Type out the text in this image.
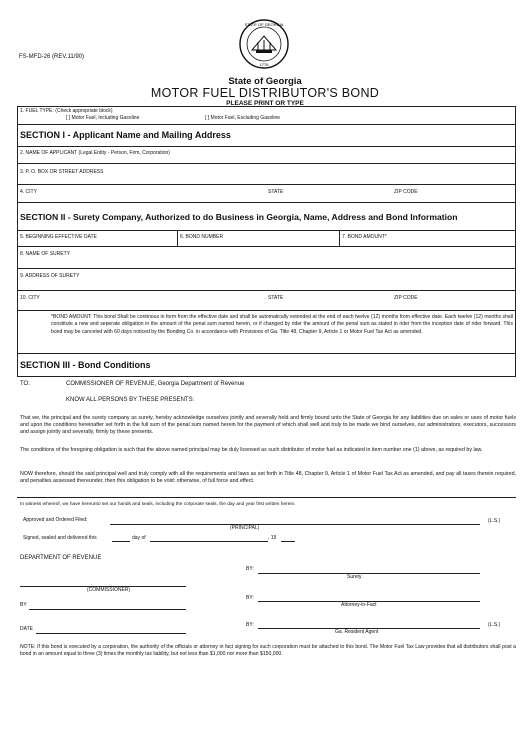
FS-MFD-26 (REV.11/90)
STATE OF GEORGIA
1776
State of Georgia
MOTOR FUEL DISTRIBUTOR'S BOND
PLEASE PRINT OR TYPE
1. FUEL TYPE: (Check appropriate block)
[ ] Motor Fuel, Including Gasoline	[ ] Motor Fuel, Excluding Gasoline
SECTION I - Applicant Name and Mailing Address
2. NAME OF APPLICANT (Legal Entity - Person, Firm, Corporation)
3. P. O. BOX OR STREET ADDRESS
4. CITY	STATE	ZIP CODE
SECTION II - Surety Company, Authorized to do Business in Georgia, Name, Address and Bond Information
5. BEGINNING EFFECTIVE DATE	6. BOND NUMBER	7. BOND AMOUNT*
8. NAME OF SURETY
9. ADDRESS OF SURETY
10. CITY	STATE	ZIP CODE
*BOND AMOUNT: This bond Shall be continous in form from the effective date and shall be automatically extended at the end of each twelve (12) months from effective date. Each twelve (12) months shall constitute a new and seperate obligation in the amount of the penal sum named herein, or if changed by rider the amount of the penal sum as stated in rider from the inception date of rider forward. This bond may be canceled with 60 days noticed by the Bonding Co. in accordance with Provisions of Ga. Title 48, Chapter 9, Article 1 or Motor Fuel Tax Act as amended.
SECTION III - Bond Conditions
TO:	COMMISSIONER OF REVENUE, Georgia Department of Revenue
KNOW ALL PERSONS BY THESE PRESENTS:
That we, the principal and the surety company as surety, hereby acknowledge ourselves jointly and severally held and firmly bound unto the State of Georgia for any liabilities due on sales or uses of motor fuels and upon the conditions hereinafter set forth in the full sum of the penal sum named herein for the payment of which shall well and truly to be made we bind ourselves, our administrators, executors, successors and assign jointly and severally, firmly by these presents.
The conditions of the foregoing obligation is such that the above named principal may be duly licensed as such distributor of motor fuel as indicated in item number one (1) above, as required by law.
NOW therefore, should the said principal well and truly comply with all the requirements and laws as set forth in Title 48, Chapter 9, Article 1 of Motor Fuel Tax Act as amended, and pay all taxes therein required, and penalties assessed thereunder, then this obligation to be void: otherwise, of full force and effect.
In witness whereof, we have hereunto set our hands and seals, including the corporate seals, the day and year first written herein.
Approved and Ordered Filed:	(L.S.)
(PRINCIPAL)
Signed, sealed and delivered this	day of	, 19
DEPARTMENT OF REVENUE
BY:
Surety
(COMMISSIONER)
BY:
Attorney-in-Fact
BY
BY:	(L.S.)
DATE	Ga. Resident Agent
NOTE: If this bond is executed by a corporation, the authority of the officials or attorney in fact signing for such corporation must be attached to this bond. The Motor Fuel Tax Law provides that all distributors shall post a bond in an amount equal to three (3) times the monthly tax liability, but not less than $1,000 nor more than $150,000.
